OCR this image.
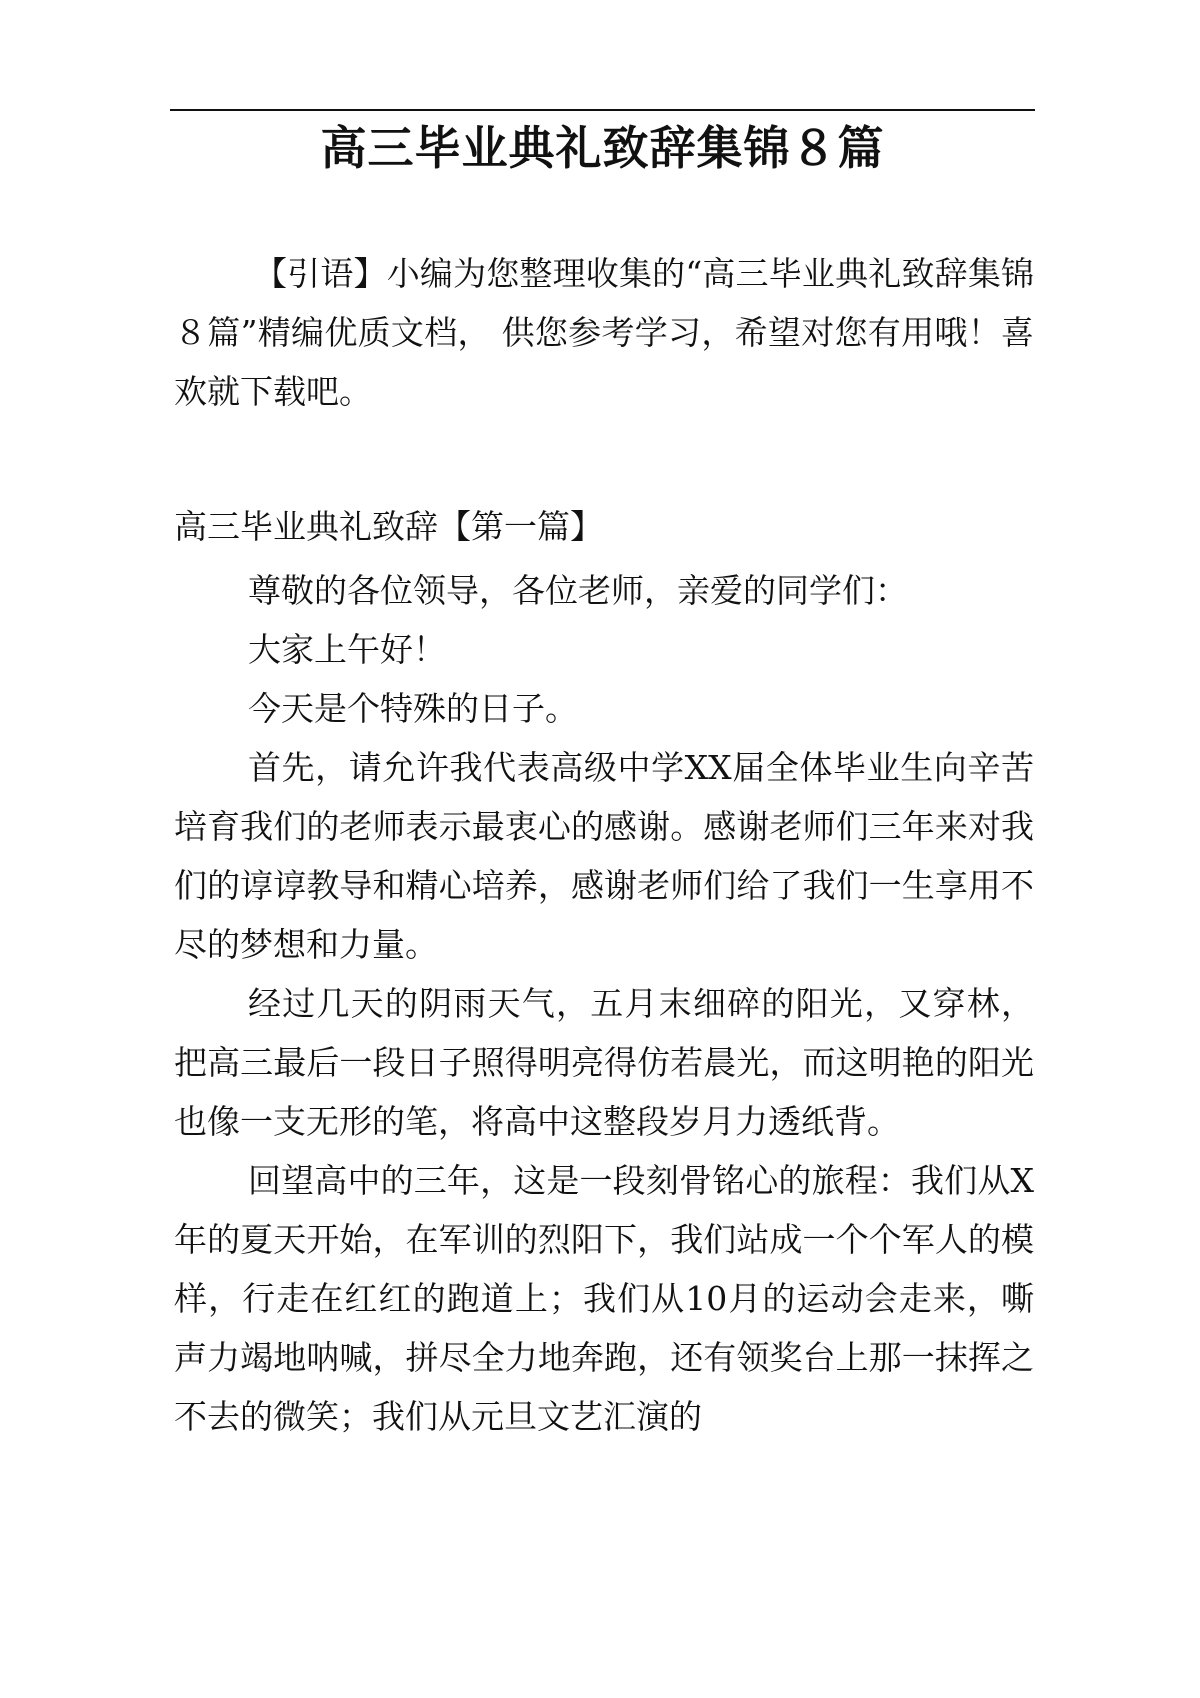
高三毕业典礼致辞集锦８篇

【引语】小编为您整理收集的“高三毕业典礼致辞集锦８篇”精编优质文档， 供您参考学习，希望对您有用哦！喜欢就下载吧。

高三毕业典礼致辞【第一篇】

尊敬的各位领导，各位老师，亲爱的同学们：

大家上午好！

今天是个特殊的日子。

首先，请允许我代表高级中学XX届全体毕业生向辛苦培育我们的老师表示最衷心的感谢。感谢老师们三年来对我们的谆谆教导和精心培养，感谢老师们给了我们一生享用不尽的梦想和力量。

经过几天的阴雨天气，五月末细碎的阳光，又穿林，把高三最后一段日子照得明亮得仿若晨光，而这明艳的阳光也像一支无形的笔，将高中这整段岁月力透纸背。

回望高中的三年，这是一段刻骨铭心的旅程：我们从X年的夏天开始，在军训的烈阳下，我们站成一个个军人的模样，行走在红红的跑道上；我们从10月的运动会走来，嘶声力竭地呐喊，拼尽全力地奔跑，还有领奖台上那一抹挥之不去的微笑；我们从元旦文艺汇演的
